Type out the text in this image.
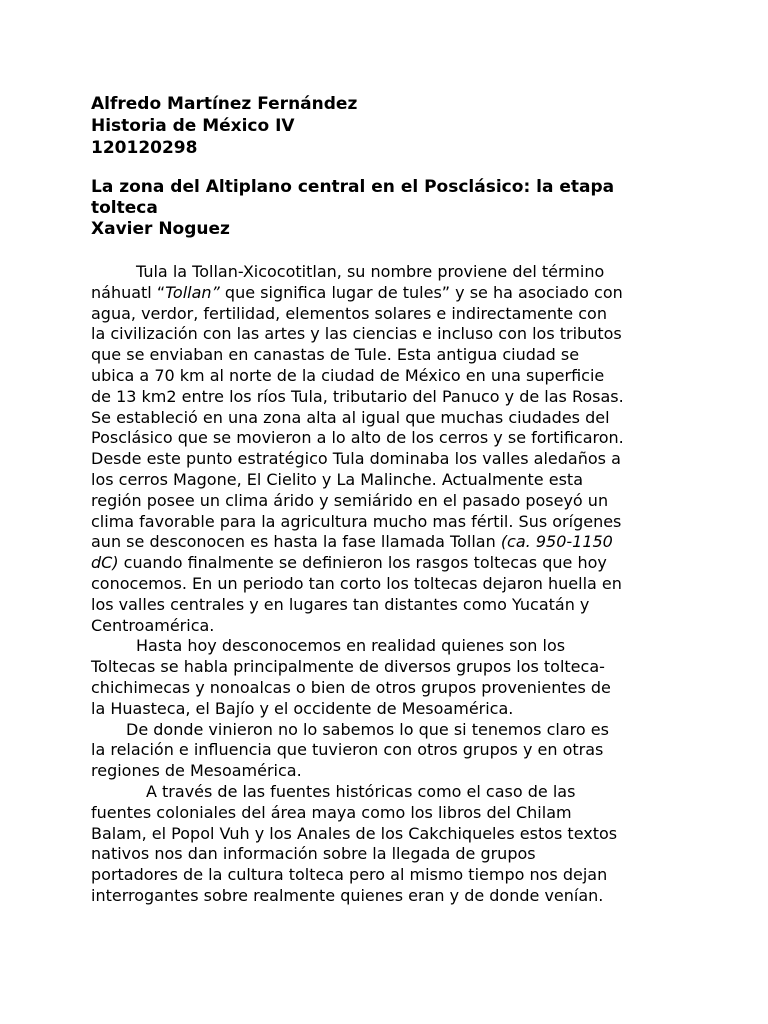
Alfredo Martínez Fernández
Historia de México IV
120120298
La zona del Altiplano central en el Posclásico: la etapa
tolteca
Xavier Noguez
Tula la Tollan-Xicocotitlan, su nombre proviene del término
náhuatl “Tollan” que significa lugar de tules” y se ha asociado con
agua, verdor, fertilidad, elementos solares e indirectamente con
la civilización con las artes y las ciencias e incluso con los tributos
que se enviaban en canastas de Tule. Esta antigua ciudad se
ubica a 70 km al norte de la ciudad de México en una superficie
de 13 km2 entre los ríos Tula, tributario del Panuco y de las Rosas.
Se estableció en una zona alta al igual que muchas ciudades del
Posclásico que se movieron a lo alto de los cerros y se fortificaron.
Desde este punto estratégico Tula dominaba los valles aledaños a
los cerros Magone, El Cielito y La Malinche. Actualmente esta
región posee un clima árido y semiárido en el pasado poseyó un
clima favorable para la agricultura mucho mas fértil. Sus orígenes
aun se desconocen es hasta la fase llamada Tollan (ca. 950-1150
dC) cuando finalmente se definieron los rasgos toltecas que hoy
conocemos. En un periodo tan corto los toltecas dejaron huella en
los valles centrales y en lugares tan distantes como Yucatán y
Centroamérica.
Hasta hoy desconocemos en realidad quienes son los
Toltecas se habla principalmente de diversos grupos los tolteca-
chichimecas y nonoalcas o bien de otros grupos provenientes de
la Huasteca, el Bajío y el occidente de Mesoamérica.
De donde vinieron no lo sabemos lo que si tenemos claro es
la relación e influencia que tuvieron con otros grupos y en otras
regiones de Mesoamérica.
A través de las fuentes históricas como el caso de las
fuentes coloniales del área maya como los libros del Chilam
Balam, el Popol Vuh y los Anales de los Cakchiqueles estos textos
nativos nos dan información sobre la llegada de grupos
portadores de la cultura tolteca pero al mismo tiempo nos dejan
interrogantes sobre realmente quienes eran y de donde venían.
